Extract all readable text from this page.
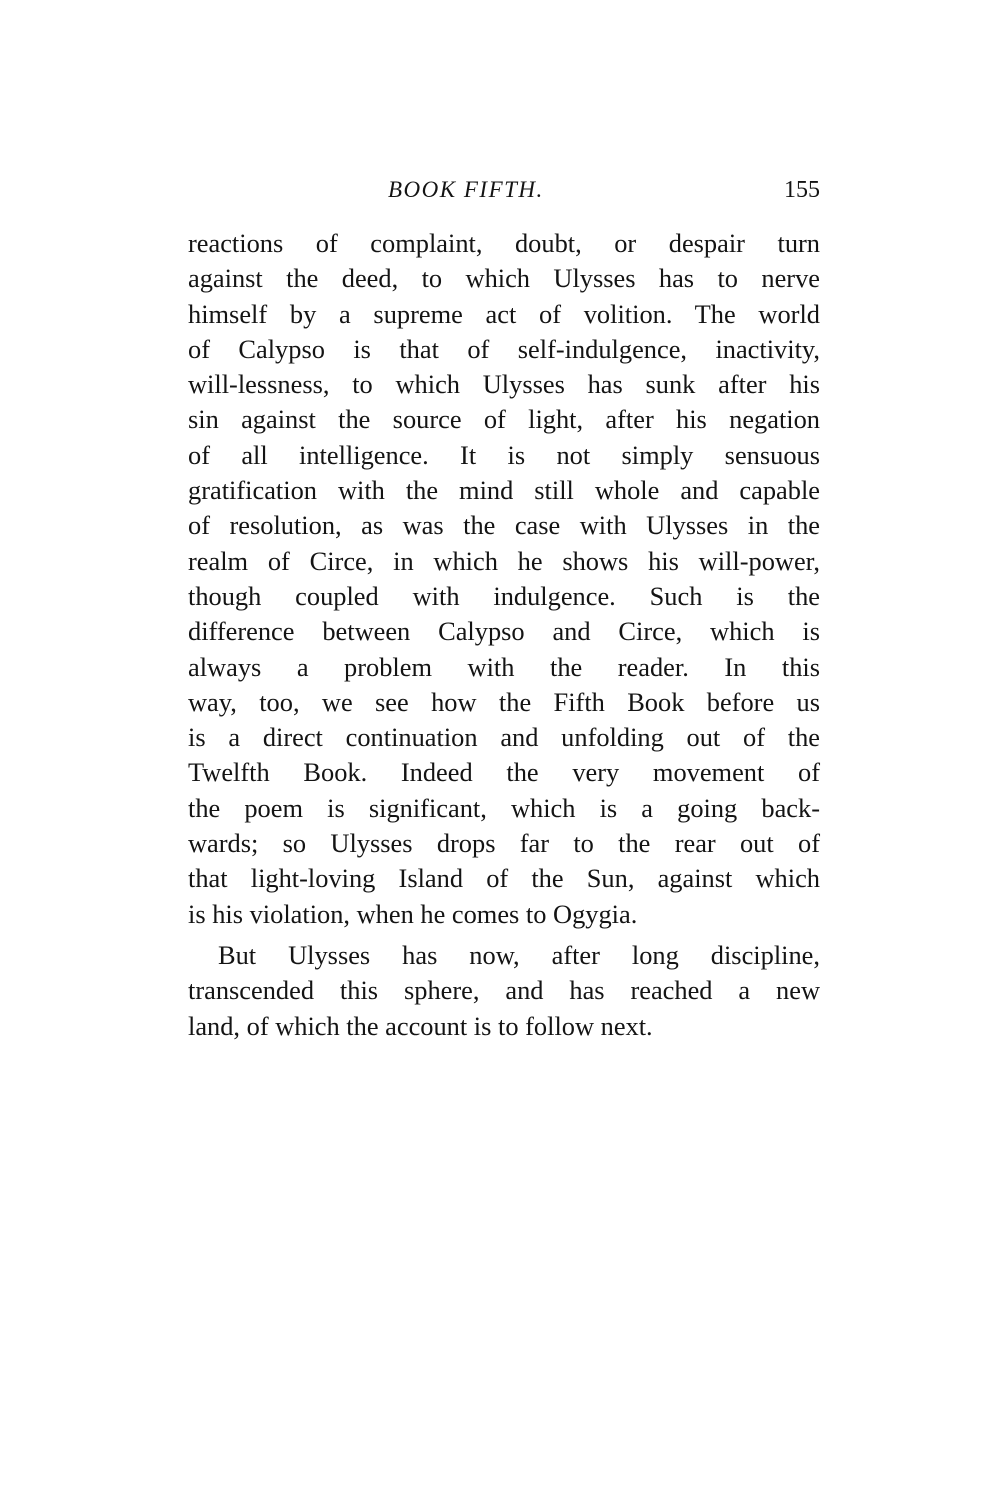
BOOK FIFTH.	155
reactions of complaint, doubt, or despair turn
against the deed, to which Ulysses has to nerve
himself by a supreme act of volition. The world
of Calypso is that of self-indulgence, inactivity,
will-lessness, to which Ulysses has sunk after his
sin against the source of light, after his negation
of all intelligence. It is not simply sensuous
gratification with the mind still whole and capable
of resolution, as was the case with Ulysses in the
realm of Circe, in which he shows his will-power,
though coupled with indulgence. Such is the
difference between Calypso and Circe, which is
always a problem with the reader. In this
way, too, we see how the Fifth Book before us
is a direct continuation and unfolding out of the
Twelfth Book. Indeed the very movement of
the poem is significant, which is a going back-
wards; so Ulysses drops far to the rear out of
that light-loving Island of the Sun, against which
is his violation, when he comes to Ogygia.
But Ulysses has now, after long discipline,
transcended this sphere, and has reached a new
land, of which the account is to follow next.
